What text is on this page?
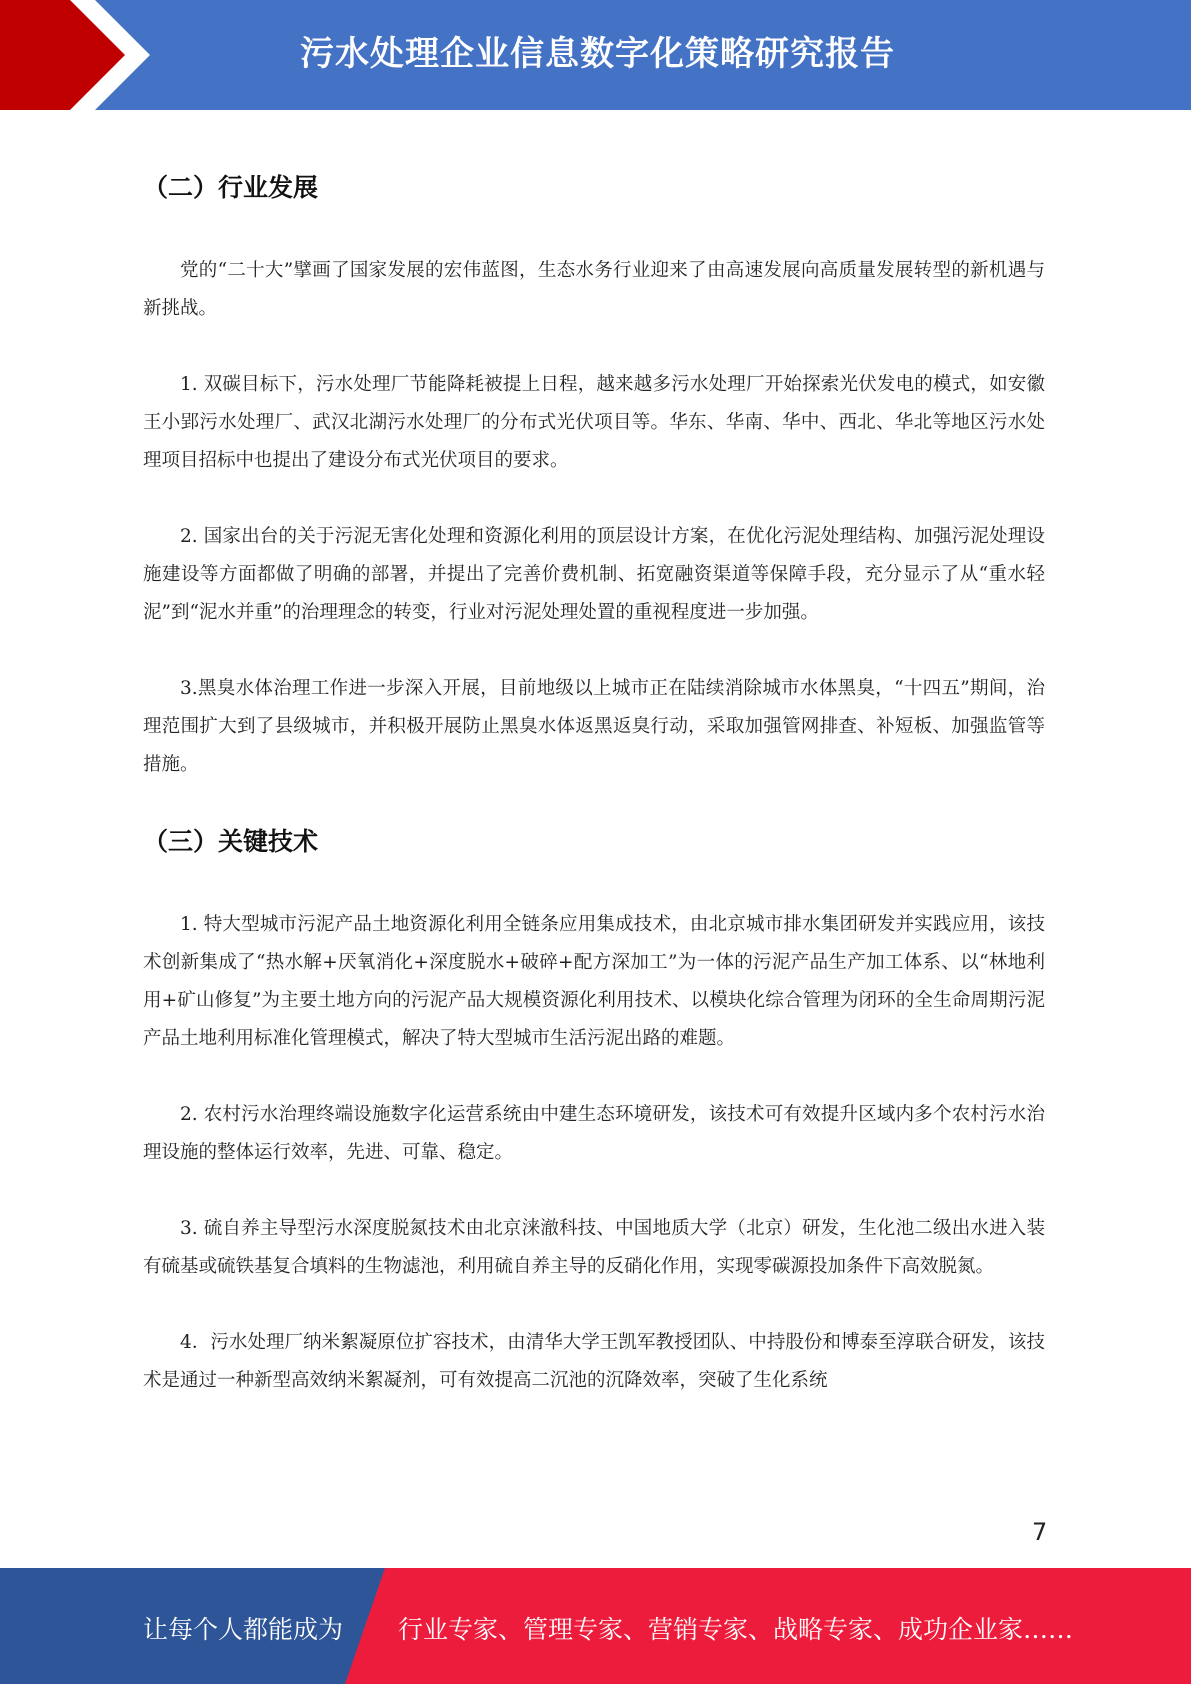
污水处理企业信息数字化策略研究报告
（二）行业发展

党的“二十大”擘画了国家发展的宏伟蓝图，生态水务行业迎来了由高速发展向高质量发展转型的新机遇与新挑战。

1. 双碳目标下，污水处理厂节能降耗被提上日程，越来越多污水处理厂开始探索光伏发电的模式，如安徽王小郢污水处理厂、武汉北湖污水处理厂的分布式光伏项目等。华东、华南、华中、西北、华北等地区污水处理项目招标中也提出了建设分布式光伏项目的要求。

2. 国家出台的关于污泥无害化处理和资源化利用的顶层设计方案，在优化污泥处理结构、加强污泥处理设施建设等方面都做了明确的部署，并提出了完善价费机制、拓宽融资渠道等保障手段，充分显示了从“重水轻泥”到“泥水并重”的治理理念的转变，行业对污泥处理处置的重视程度进一步加强。

3.黑臭水体治理工作进一步深入开展，目前地级以上城市正在陆续消除城市水体黑臭，“十四五”期间，治理范围扩大到了县级城市，并积极开展防止黑臭水体返黑返臭行动，采取加强管网排查、补短板、加强监管等措施。

（三）关键技术

1. 特大型城市污泥产品土地资源化利用全链条应用集成技术，由北京城市排水集团研发并实践应用，该技术创新集成了“热水解+厌氧消化+深度脱水+破碎+配方深加工”为一体的污泥产品生产加工体系、以“林地利用+矿山修复”为主要土地方向的污泥产品大规模资源化利用技术、以模块化综合管理为闭环的全生命周期污泥产品土地利用标准化管理模式，解决了特大型城市生活污泥出路的难题。

2. 农村污水治理终端设施数字化运营系统由中建生态环境研发，该技术可有效提升区域内多个农村污水治理设施的整体运行效率，先进、可靠、稳定。

3. 硫自养主导型污水深度脱氮技术由北京涞澈科技、中国地质大学（北京）研发，生化池二级出水进入装有硫基或硫铁基复合填料的生物滤池，利用硫自养主导的反硝化作用，实现零碳源投加条件下高效脱氮。

4．污水处理厂纳米絮凝原位扩容技术，由清华大学王凯军教授团队、中持股份和博泰至淳联合研发，该技术是通过一种新型高效纳米絮凝剂，可有效提高二沉池的沉降效率，突破了生化系统

7
让每个人都能成为 行业专家、管理专家、营销专家、战略专家、成功企业家……
